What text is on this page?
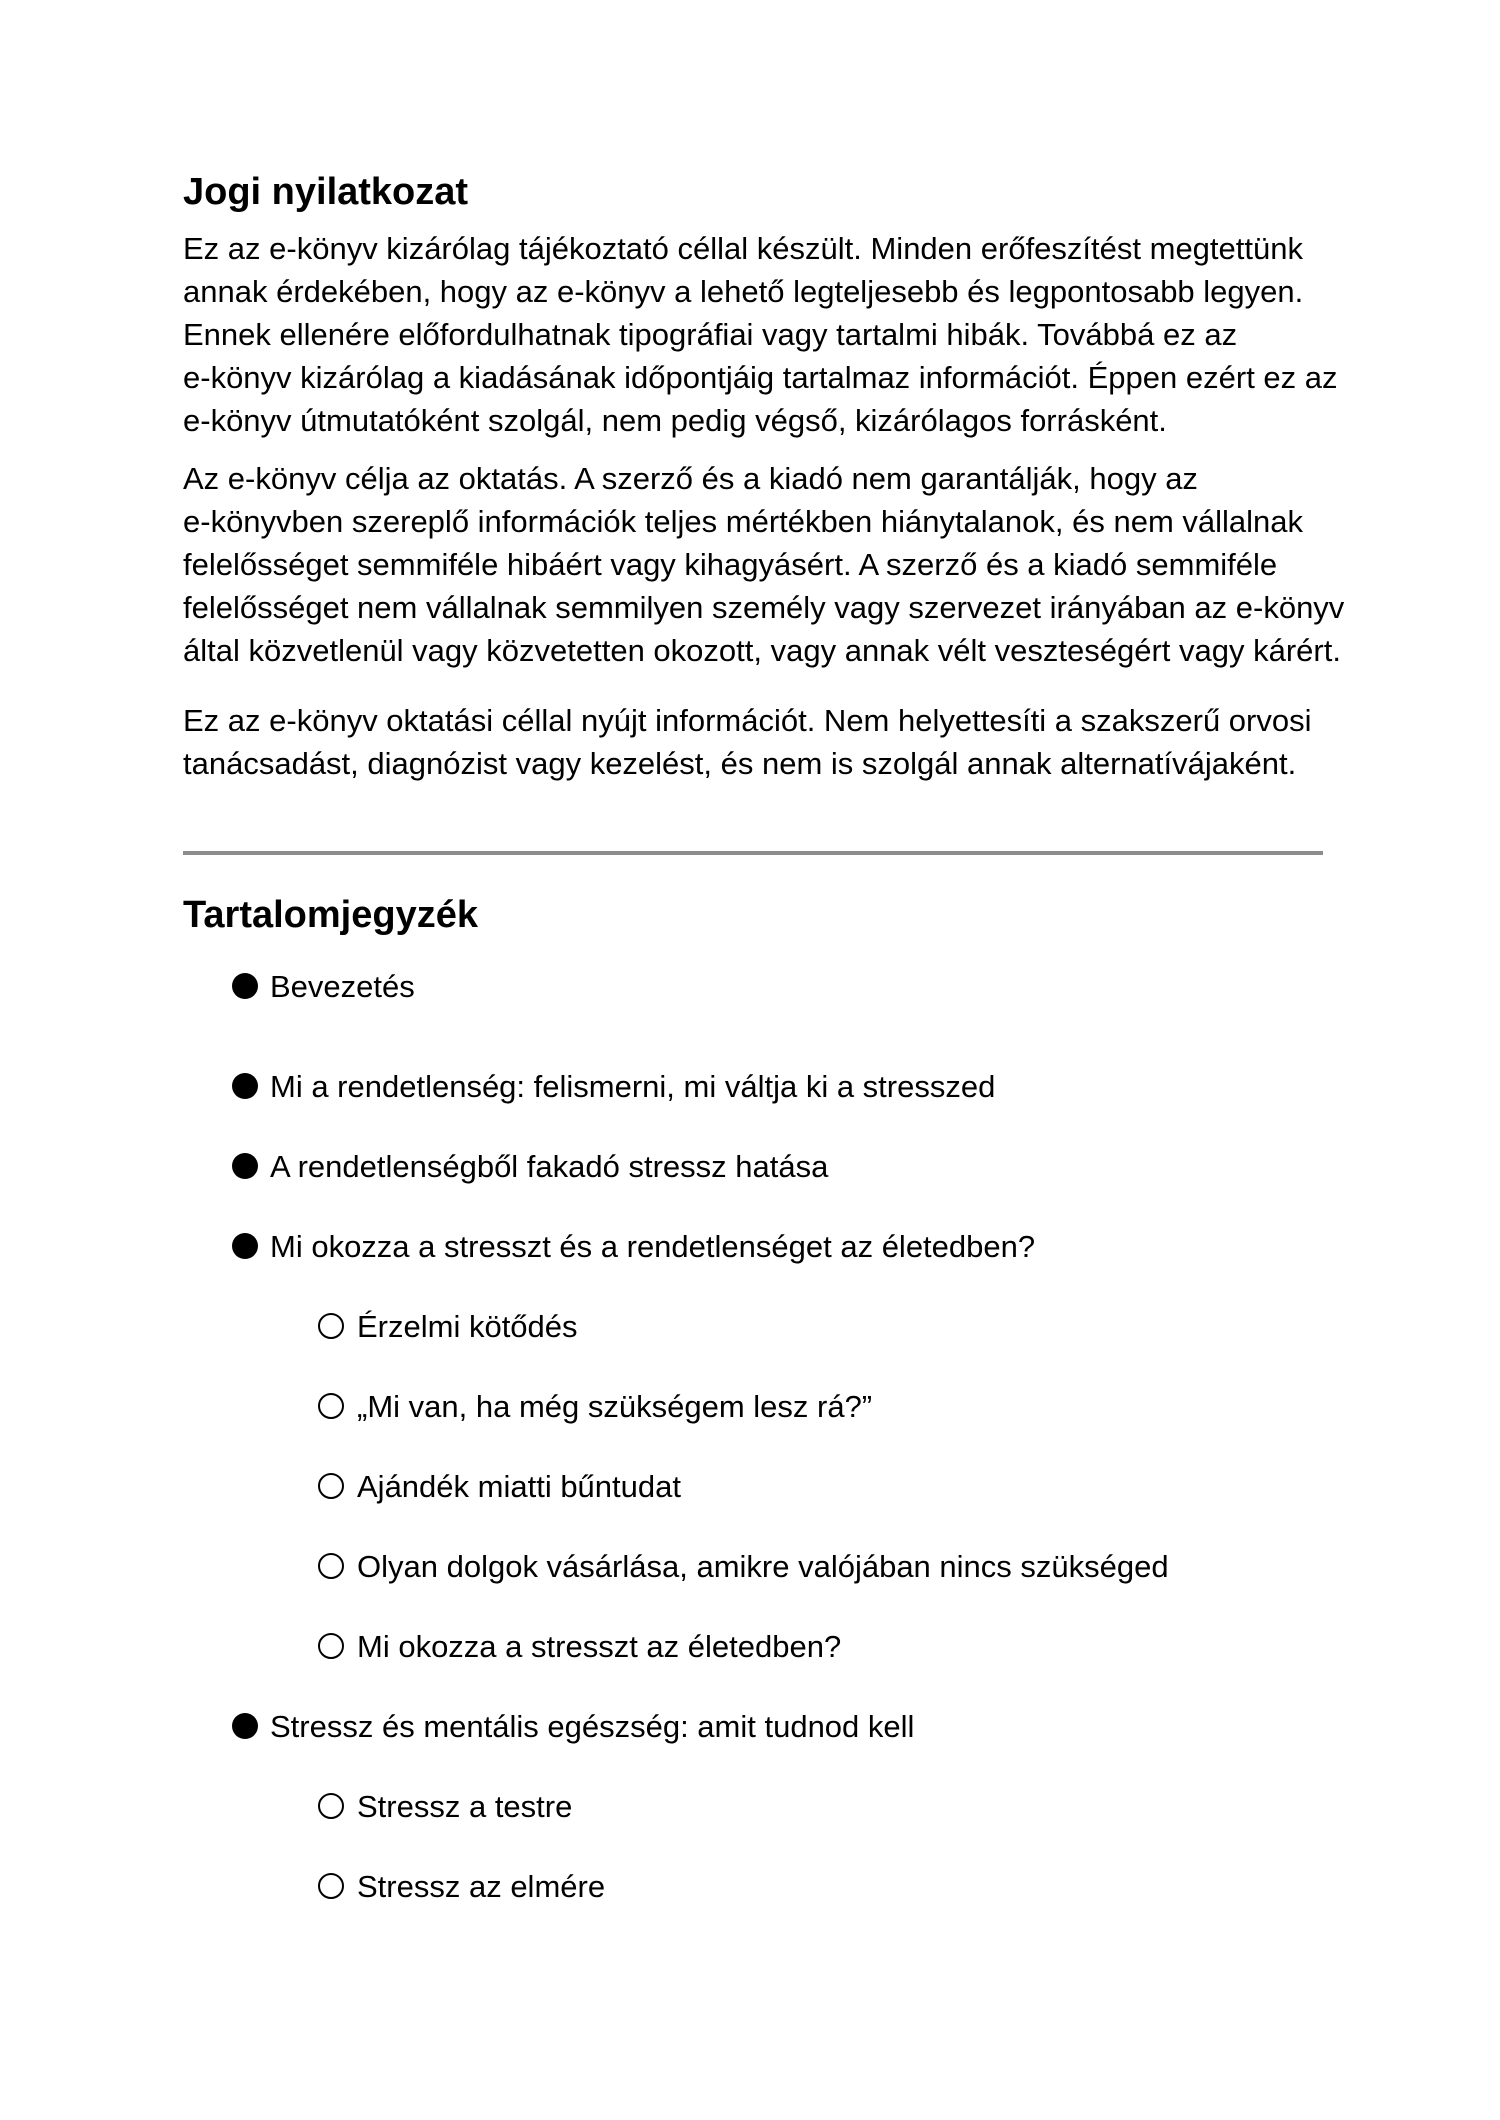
Jogi nyilatkozat

Ez az e-könyv kizárólag tájékoztató céllal készült. Minden erőfeszítést megtettünk
annak érdekében, hogy az e-könyv a lehető legteljesebb és legpontosabb legyen.
Ennek ellenére előfordulhatnak tipográfiai vagy tartalmi hibák. Továbbá ez az
e-könyv kizárólag a kiadásának időpontjáig tartalmaz információt. Éppen ezért ez az
e-könyv útmutatóként szolgál, nem pedig végső, kizárólagos forrásként.

Az e-könyv célja az oktatás. A szerző és a kiadó nem garantálják, hogy az
e-könyvben szereplő információk teljes mértékben hiánytalanok, és nem vállalnak
felelősséget semmiféle hibáért vagy kihagyásért. A szerző és a kiadó semmiféle
felelősséget nem vállalnak semmilyen személy vagy szervezet irányában az e-könyv
által közvetlenül vagy közvetetten okozott, vagy annak vélt veszteségért vagy kárért.

Ez az e-könyv oktatási céllal nyújt információt. Nem helyettesíti a szakszerű orvosi
tanácsadást, diagnózist vagy kezelést, és nem is szolgál annak alternatívájaként.

Tartalomjegyzék
Bevezetés
Mi a rendetlenség: felismerni, mi váltja ki a stresszed
A rendetlenségből fakadó stressz hatása
Mi okozza a stresszt és a rendetlenséget az életedben?
Érzelmi kötődés
„Mi van, ha még szükségem lesz rá?”
Ajándék miatti bűntudat
Olyan dolgok vásárlása, amikre valójában nincs szükséged
Mi okozza a stresszt az életedben?
Stressz és mentális egészség: amit tudnod kell
Stressz a testre
Stressz az elmére
